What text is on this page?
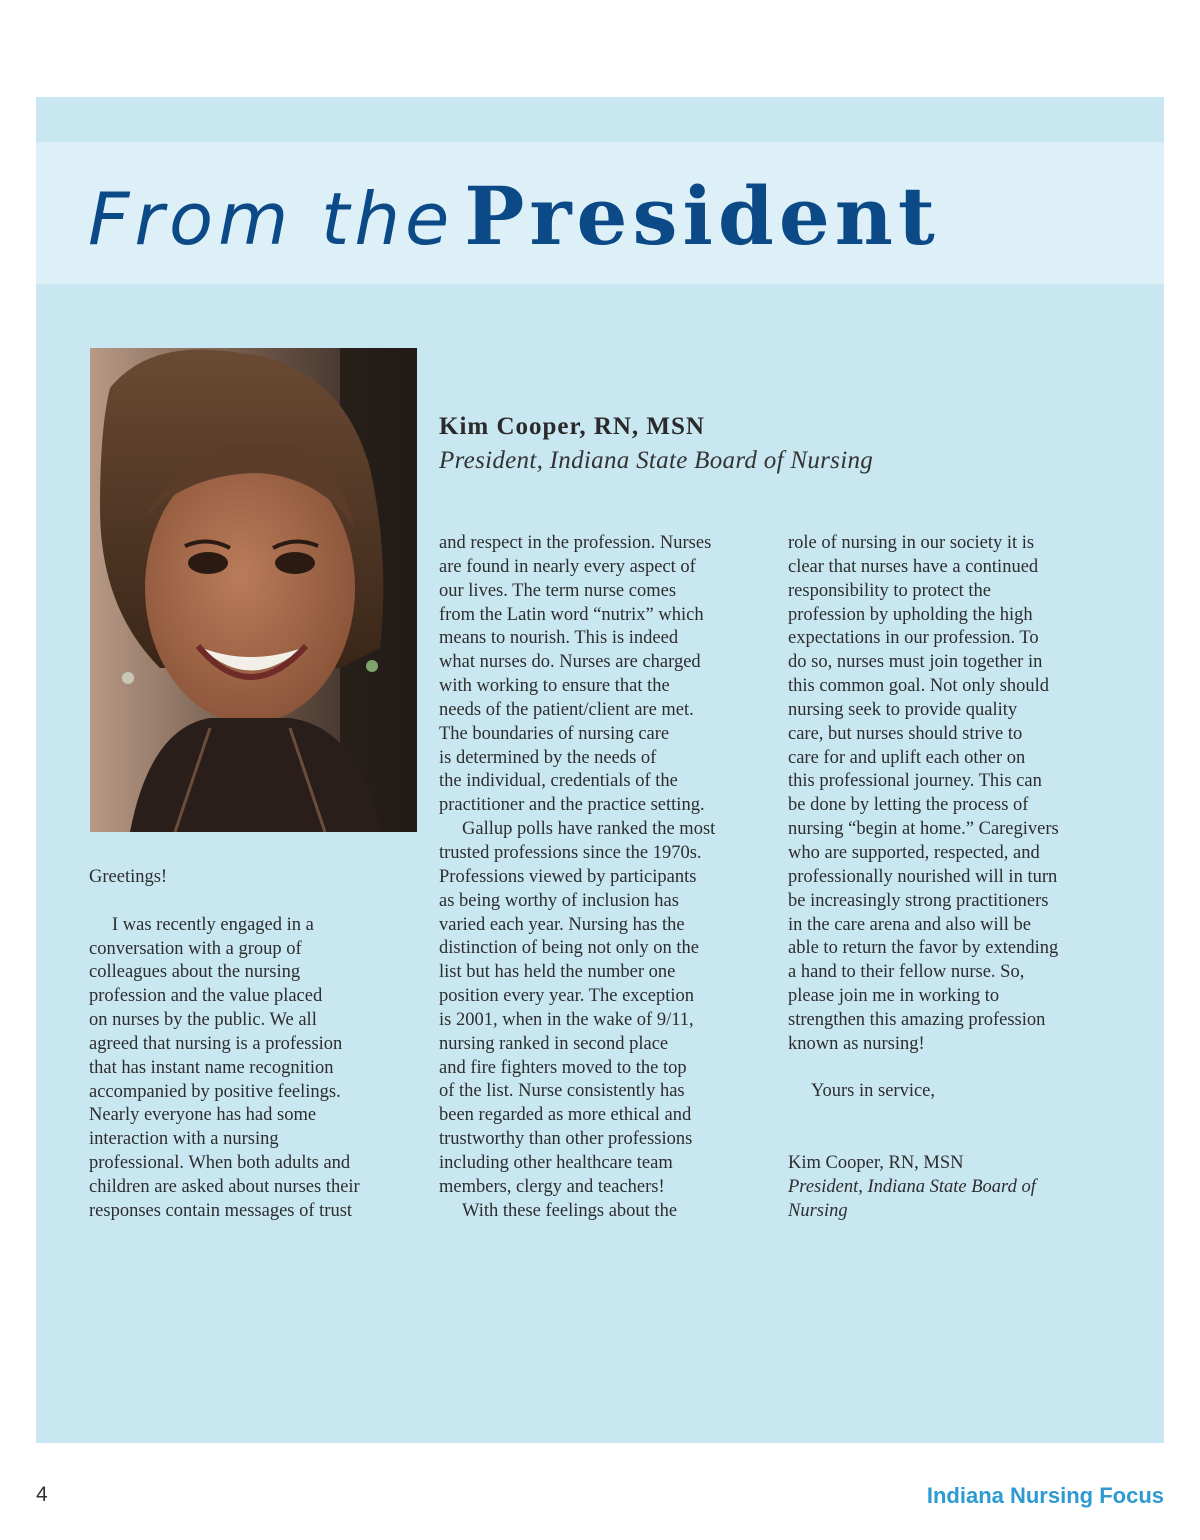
From the President
Kim Cooper, RN, MSN
President, Indiana State Board of Nursing
Greetings!
I was recently engaged in a
conversation with a group of
colleagues about the nursing
profession and the value placed
on nurses by the public. We all
agreed that nursing is a profession
that has instant name recognition
accompanied by positive feelings.
Nearly everyone has had some
interaction with a nursing
professional. When both adults and
children are asked about nurses their
responses contain messages of trust
and respect in the profession. Nurses
are found in nearly every aspect of
our lives. The term nurse comes
from the Latin word “nutrix” which
means to nourish. This is indeed
what nurses do. Nurses are charged
with working to ensure that the
needs of the patient/client are met.
The boundaries of nursing care
is determined by the needs of
the individual, credentials of the
practitioner and the practice setting.
Gallup polls have ranked the most
trusted professions since the 1970s.
Professions viewed by participants
as being worthy of inclusion has
varied each year. Nursing has the
distinction of being not only on the
list but has held the number one
position every year. The exception
is 2001, when in the wake of 9/11,
nursing ranked in second place
and fire fighters moved to the top
of the list. Nurse consistently has
been regarded as more ethical and
trustworthy than other professions
including other healthcare team
members, clergy and teachers!
With these feelings about the
role of nursing in our society it is
clear that nurses have a continued
responsibility to protect the
profession by upholding the high
expectations in our profession. To
do so, nurses must join together in
this common goal. Not only should
nursing seek to provide quality
care, but nurses should strive to
care for and uplift each other on
this professional journey. This can
be done by letting the process of
nursing “begin at home.” Caregivers
who are supported, respected, and
professionally nourished will in turn
be increasingly strong practitioners
in the care arena and also will be
able to return the favor by extending
a hand to their fellow nurse. So,
please join me in working to
strengthen this amazing profession
known as nursing!
Yours in service,
Kim Cooper, RN, MSN
President, Indiana State Board of
Nursing
4	Indiana Nursing Focus
